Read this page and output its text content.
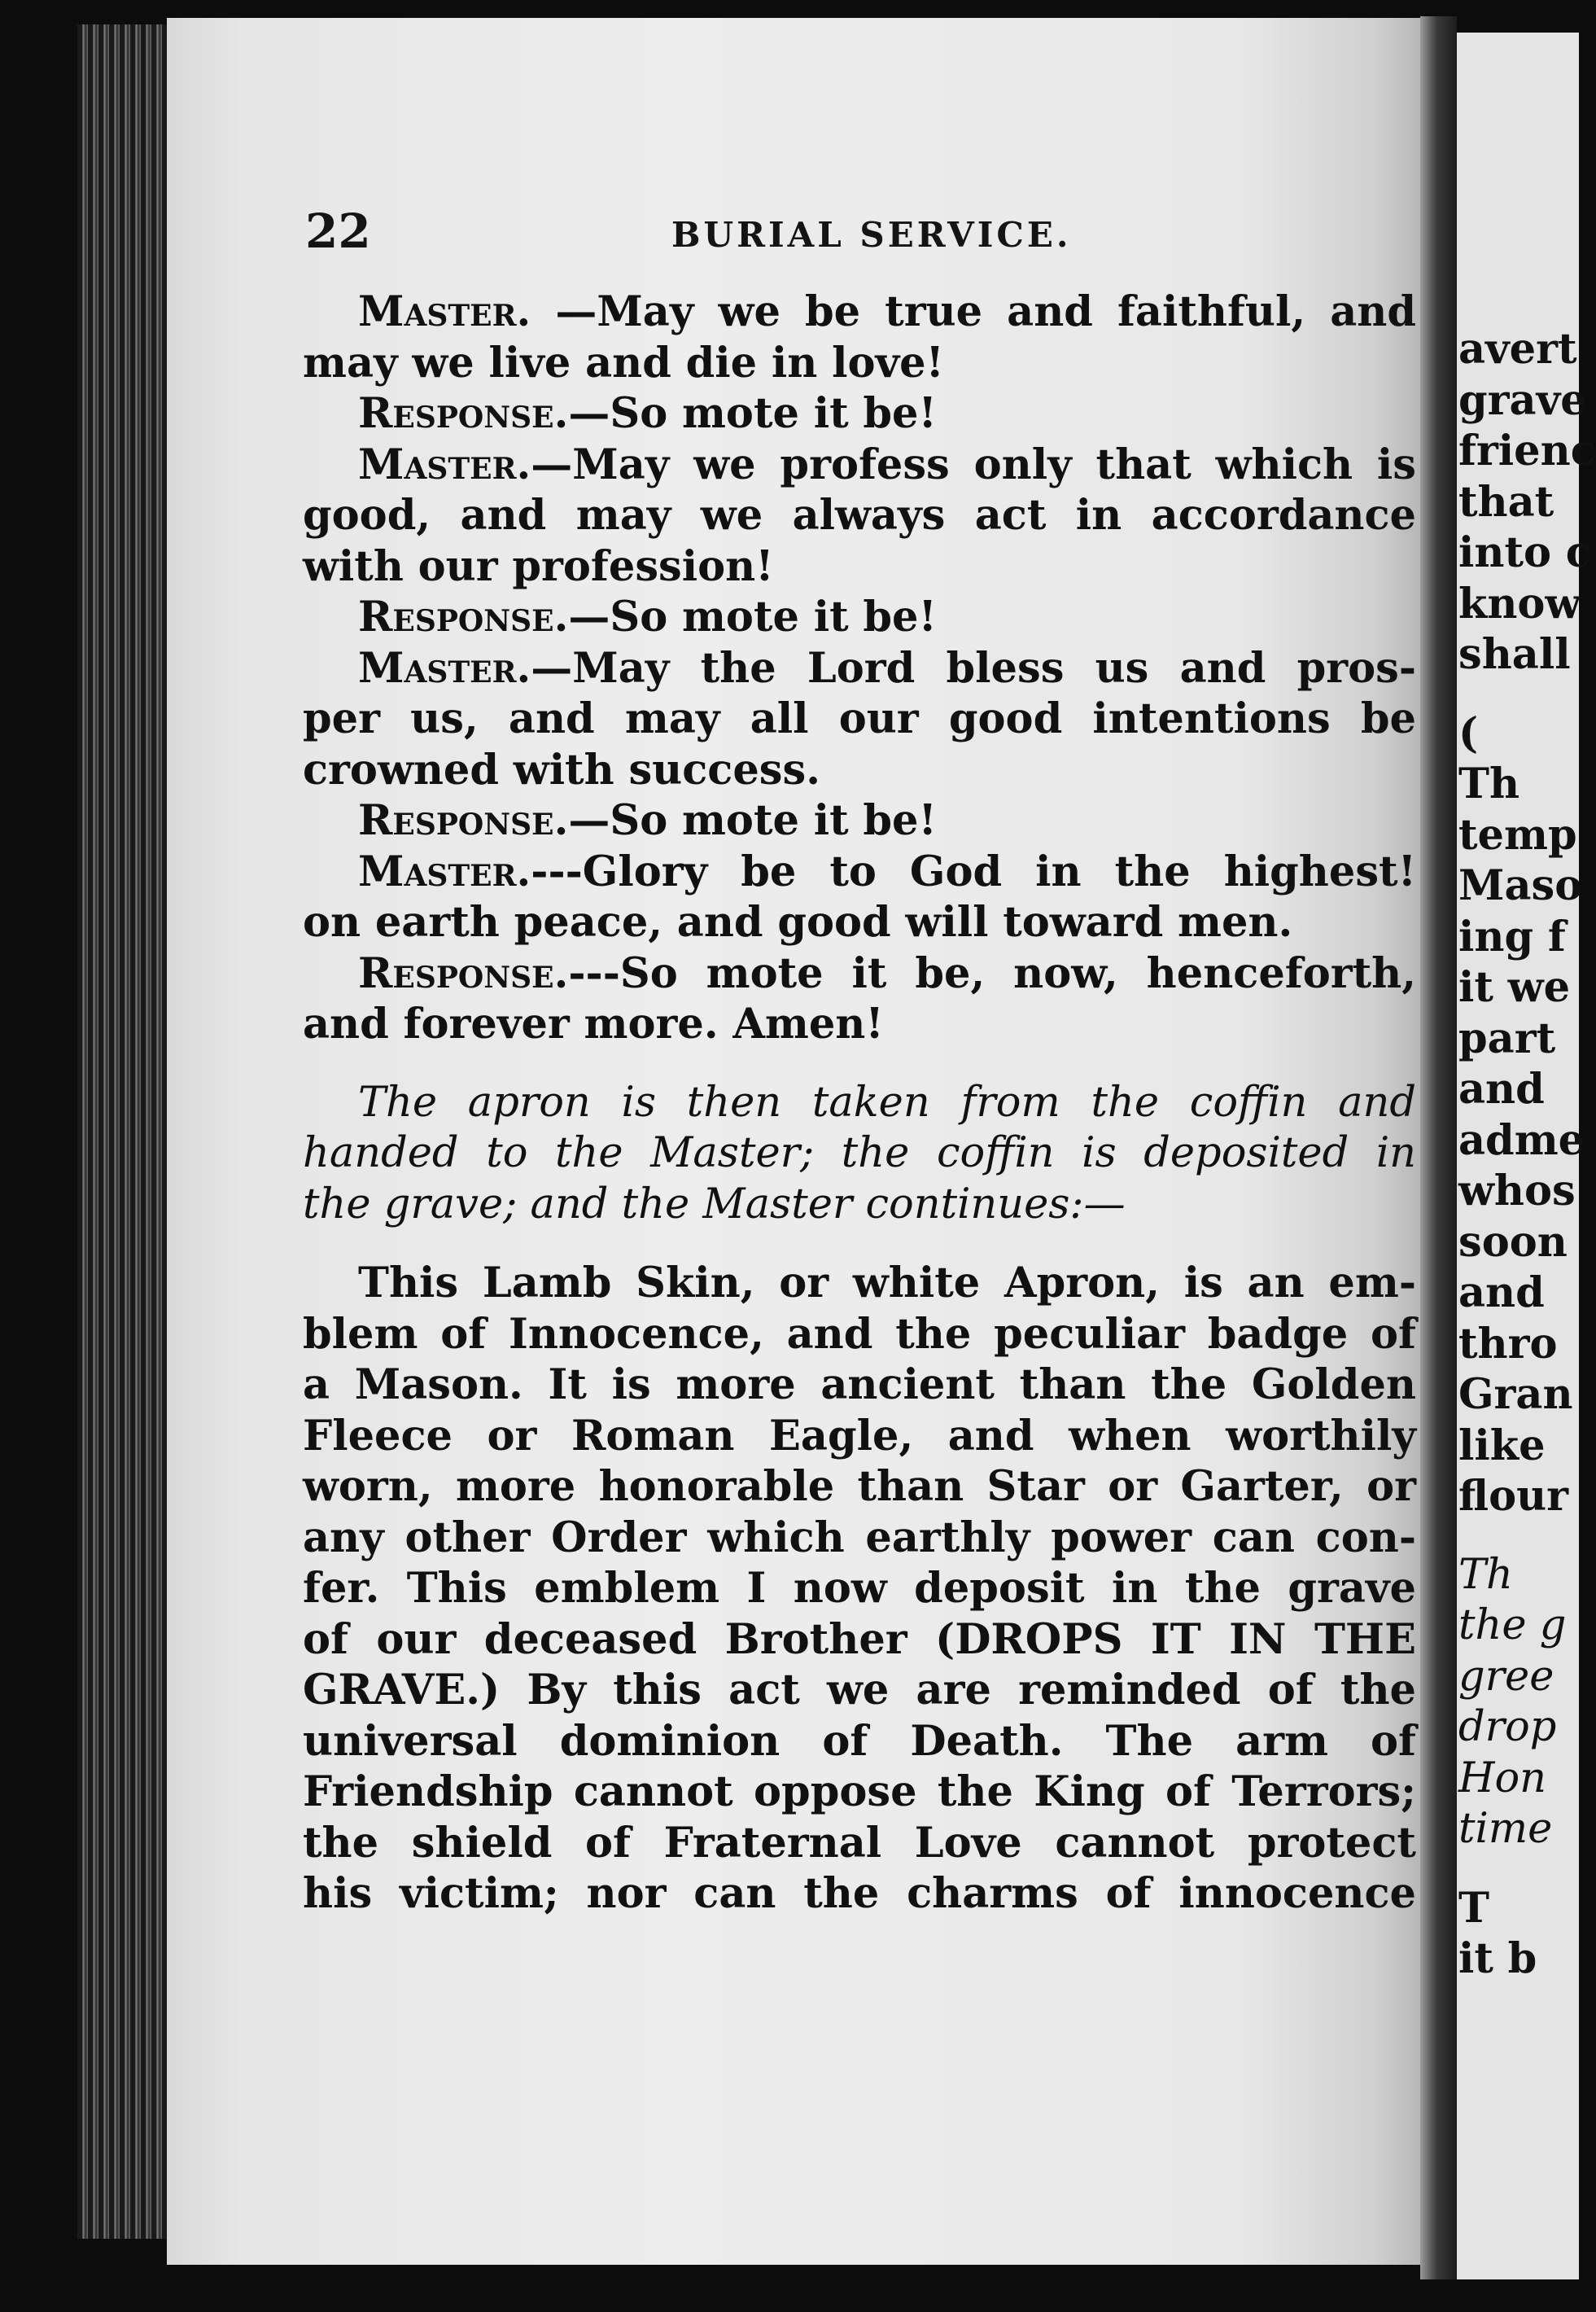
22	BURIAL SERVICE.
Master. —May we be true and faithful, and
may we live and die in love!
Response.—So mote it be!
Master.—May we profess only that which is
good, and may we always act in accordance
with our profession!
Response.—So mote it be!
Master.—May the Lord bless us and pros-
per us, and may all our good intentions be
crowned with success.
Response.—So mote it be!
Master.---Glory be to God in the highest!
on earth peace, and good will toward men.
Response.---So mote it be, now, henceforth,
and forever more. Amen!
The apron is then taken from the coffin and
handed to the Master; the coffin is deposited in
the grave; and the Master continues:—
This Lamb Skin, or white Apron, is an em-
blem of Innocence, and the peculiar badge of
a Mason. It is more ancient than the Golden
Fleece or Roman Eagle, and when worthily
worn, more honorable than Star or Garter, or
any other Order which earthly power can con-
fer. This emblem I now deposit in the grave
of our deceased Brother (DROPS IT IN THE
GRAVE.) By this act we are reminded of the
universal dominion of Death. The arm of
Friendship cannot oppose the King of Terrors;
the shield of Fraternal Love cannot protect
his victim; nor can the charms of innocence
avert
grave
frienc
that
into c
know
shall
(
Th
temp
Maso
ing f
it we
part
and
adme
whos
soon
and
thro
Gran
like
flour
Th
the g
gree
drop
Hon
time
T
it b
